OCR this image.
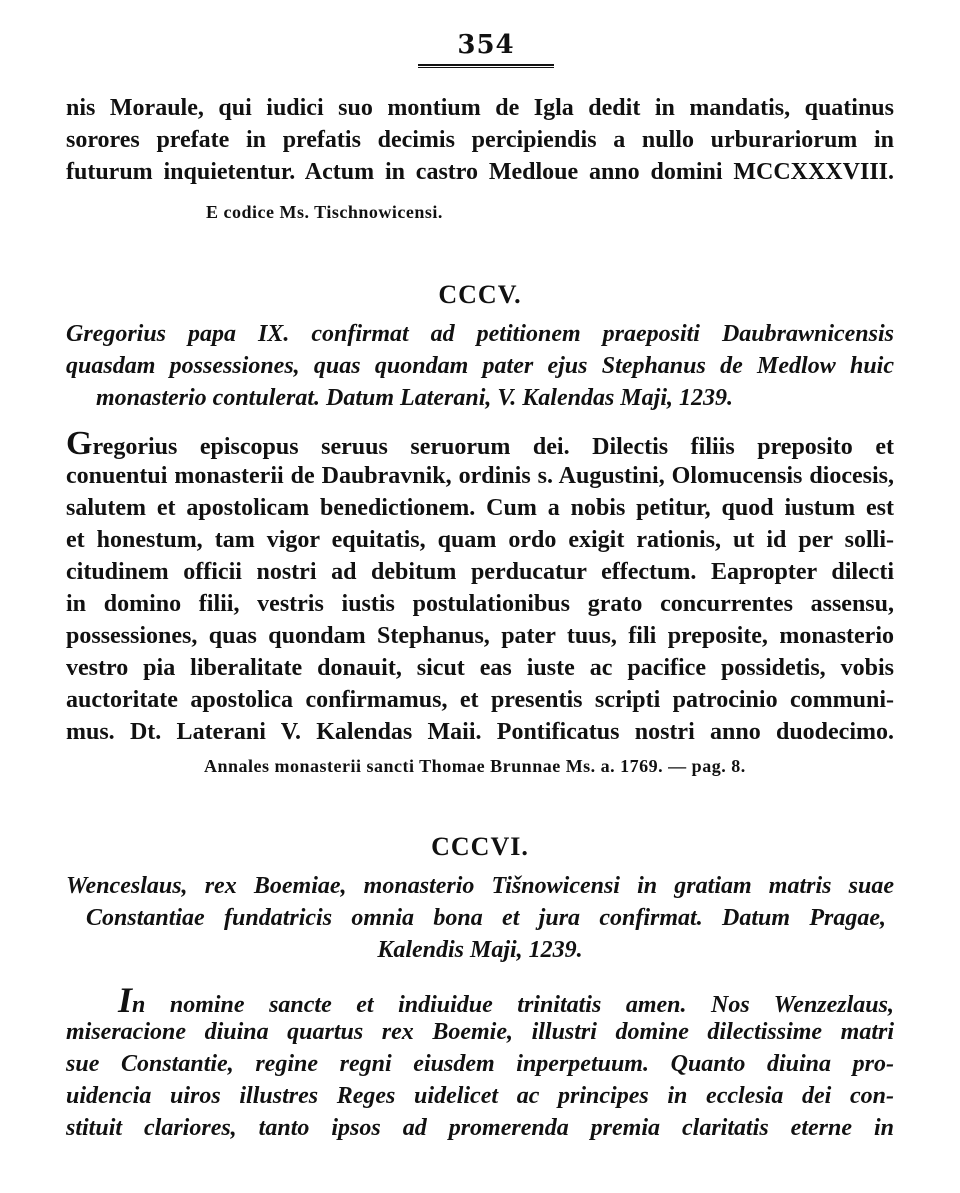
354
nis Moraule, qui iudici suo montium de Igla dedit in mandatis, quatinus
sorores prefate in prefatis decimis percipiendis a nullo urburariorum in
futurum inquietentur. Actum in castro Medloue anno domini MCCXXXVIII.
E codice Ms. Tischnowicensi.
CCCV.
Gregorius papa IX. confirmat ad petitionem praepositi Daubrawnicensis
quasdam possessiones, quas quondam pater ejus Stephanus de Medlow huic
monasterio contulerat. Datum Laterani, V. Kalendas Maji, 1239.
Gregorius episcopus seruus seruorum dei. Dilectis filiis preposito et
conuentui monasterii de Daubravnik, ordinis s. Augustini, Olomucensis diocesis,
salutem et apostolicam benedictionem. Cum a nobis petitur, quod iustum est
et honestum, tam vigor equitatis, quam ordo exigit rationis, ut id per solli-
citudinem officii nostri ad debitum perducatur effectum. Eapropter dilecti
in domino filii, vestris iustis postulationibus grato concurrentes assensu,
possessiones, quas quondam Stephanus, pater tuus, fili preposite, monasterio
vestro pia liberalitate donauit, sicut eas iuste ac pacifice possidetis, vobis
auctoritate apostolica confirmamus, et presentis scripti patrocinio communi-
mus. Dt. Laterani V. Kalendas Maii. Pontificatus nostri anno duodecimo.
Annales monasterii sancti Thomae Brunnae Ms. a. 1769. — pag. 8.
CCCVI.
Wenceslaus, rex Boemiae, monasterio Tišnowicensi in gratiam matris suae
Constantiae fundatricis omnia bona et jura confirmat. Datum Pragae,
Kalendis Maji, 1239.
In nomine sancte et indiuidue trinitatis amen. Nos Wenzezlaus,
miseracione diuina quartus rex Boemie, illustri domine dilectissime matri
sue Constantie, regine regni eiusdem inperpetuum. Quanto diuina pro-
uidencia uiros illustres Reges uidelicet ac principes in ecclesia dei con-
stituit clariores, tanto ipsos ad promerenda premia claritatis eterne in
